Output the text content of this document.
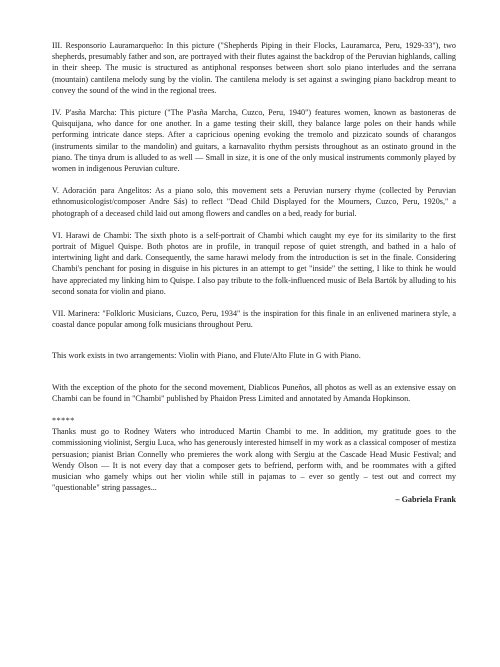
III. Responsorio Lauramarqueño: In this picture ("Shepherds Piping in their Flocks, Lauramarca, Peru, 1929-33"), two shepherds, presumably father and son, are portrayed with their flutes against the backdrop of the Peruvian highlands, calling in their sheep. The music is structured as antiphonal responses between short solo piano interludes and the serrana (mountain) cantilena melody sung by the violin. The cantilena melody is set against a swinging piano backdrop meant to convey the sound of the wind in the regional trees.

IV. P'asña Marcha: This picture ("The P'asña Marcha, Cuzco, Peru, 1940") features women, known as bastoneras de Quisquijana, who dance for one another. In a game testing their skill, they balance large poles on their hands while performing intricate dance steps. After a capricious opening evoking the tremolo and pizzicato sounds of charangos (instruments similar to the mandolin) and guitars, a karnavalito rhythm persists throughout as an ostinato ground in the piano. The tinya drum is alluded to as well — Small in size, it is one of the only musical instruments commonly played by women in indigenous Peruvian culture.

V. Adoración para Angelitos: As a piano solo, this movement sets a Peruvian nursery rhyme (collected by Peruvian ethnomusicologist/composer Andre Sás) to reflect "Dead Child Displayed for the Mourners, Cuzco, Peru, 1920s," a photograph of a deceased child laid out among flowers and candles on a bed, ready for burial.

VI. Harawi de Chambi: The sixth photo is a self-portrait of Chambi which caught my eye for its similarity to the first portrait of Miguel Quispe. Both photos are in profile, in tranquil repose of quiet strength, and bathed in a halo of intertwining light and dark. Consequently, the same harawi melody from the introduction is set in the finale. Considering Chambi's penchant for posing in disguise in his pictures in an attempt to get "inside" the setting, I like to think he would have appreciated my linking him to Quispe. I also pay tribute to the folk-influenced music of Bela Bartók by alluding to his second sonata for violin and piano.

VII. Marinera: "Folkloric Musicians, Cuzco, Peru, 1934" is the inspiration for this finale in an enlivened marinera style, a coastal dance popular among folk musicians throughout Peru.

This work exists in two arrangements: Violin with Piano, and Flute/Alto Flute in G with Piano.

With the exception of the photo for the second movement, Diablicos Puneños, all photos as well as an extensive essay on Chambi can be found in "Chambi" published by Phaidon Press Limited and annotated by Amanda Hopkinson.

*****

Thanks must go to Rodney Waters who introduced Martin Chambi to me. In addition, my gratitude goes to the commissioning violinist, Sergiu Luca, who has generously interested himself in my work as a classical composer of mestiza persuasion; pianist Brian Connelly who premieres the work along with Sergiu at the Cascade Head Music Festival; and Wendy Olson — It is not every day that a composer gets to befriend, perform with, and be roommates with a gifted musician who gamely whips out her violin while still in pajamas to – ever so gently – test out and correct my "questionable" string passages...

– Gabriela Frank
